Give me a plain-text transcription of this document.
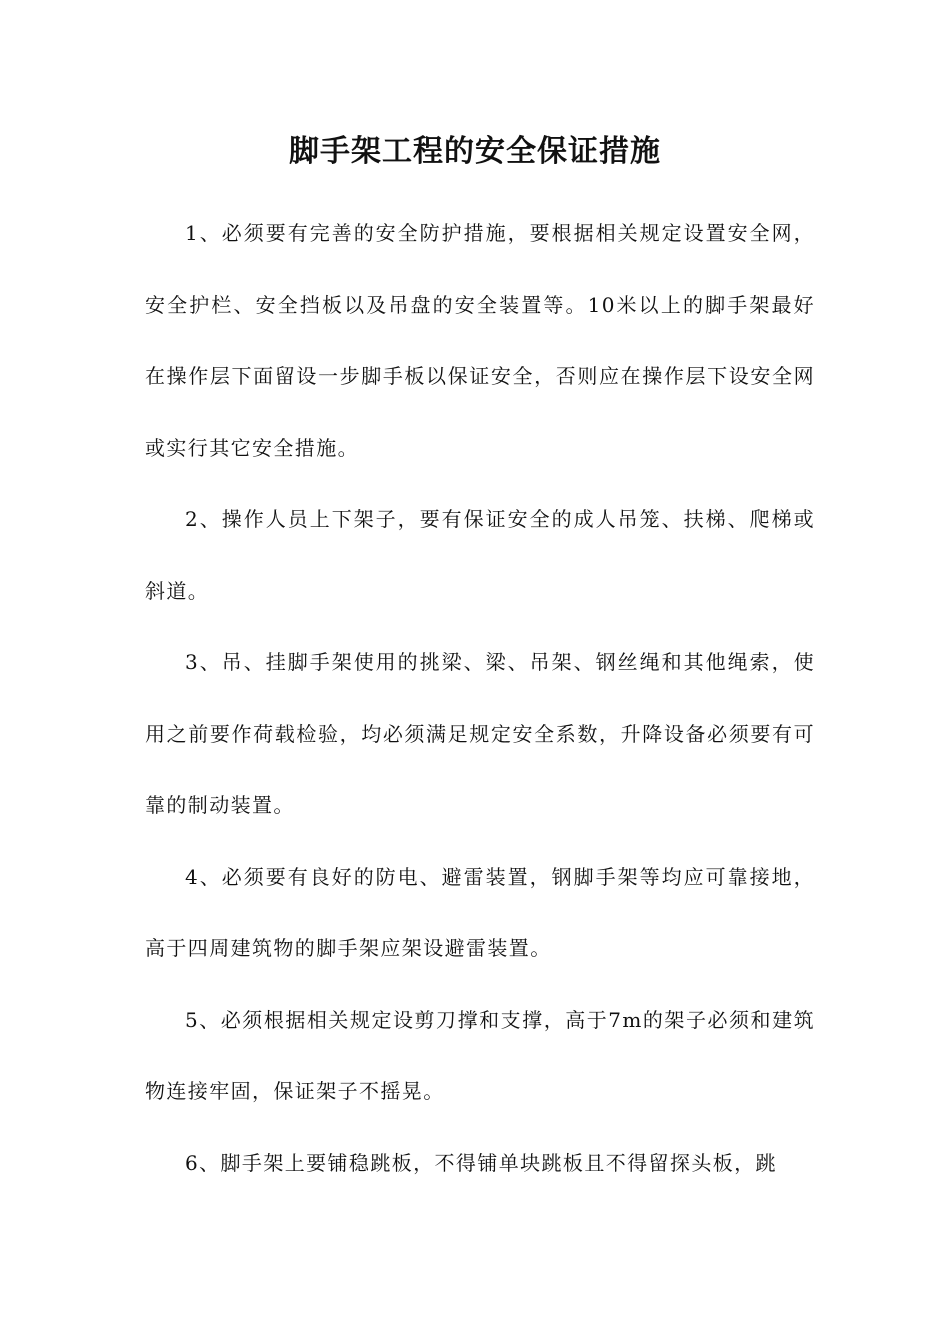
脚手架工程的安全保证措施

1、必须要有完善的安全防护措施，要根据相关规定设置安全网，安全护栏、安全挡板以及吊盘的安全装置等。10米以上的脚手架最好在操作层下面留设一步脚手板以保证安全，否则应在操作层下设安全网或实行其它安全措施。

2、操作人员上下架子，要有保证安全的成人吊笼、扶梯、爬梯或斜道。

3、吊、挂脚手架使用的挑梁、梁、吊架、钢丝绳和其他绳索，使用之前要作荷载检验，均必须满足规定安全系数，升降设备必须要有可靠的制动装置。

4、必须要有良好的防电、避雷装置，钢脚手架等均应可靠接地，高于四周建筑物的脚手架应架设避雷装置。

5、必须根据相关规定设剪刀撑和支撑，高于7m的架子必须和建筑物连接牢固，保证架子不摇晃。

6、脚手架上要铺稳跳板，不得铺单块跳板且不得留探头板，跳
